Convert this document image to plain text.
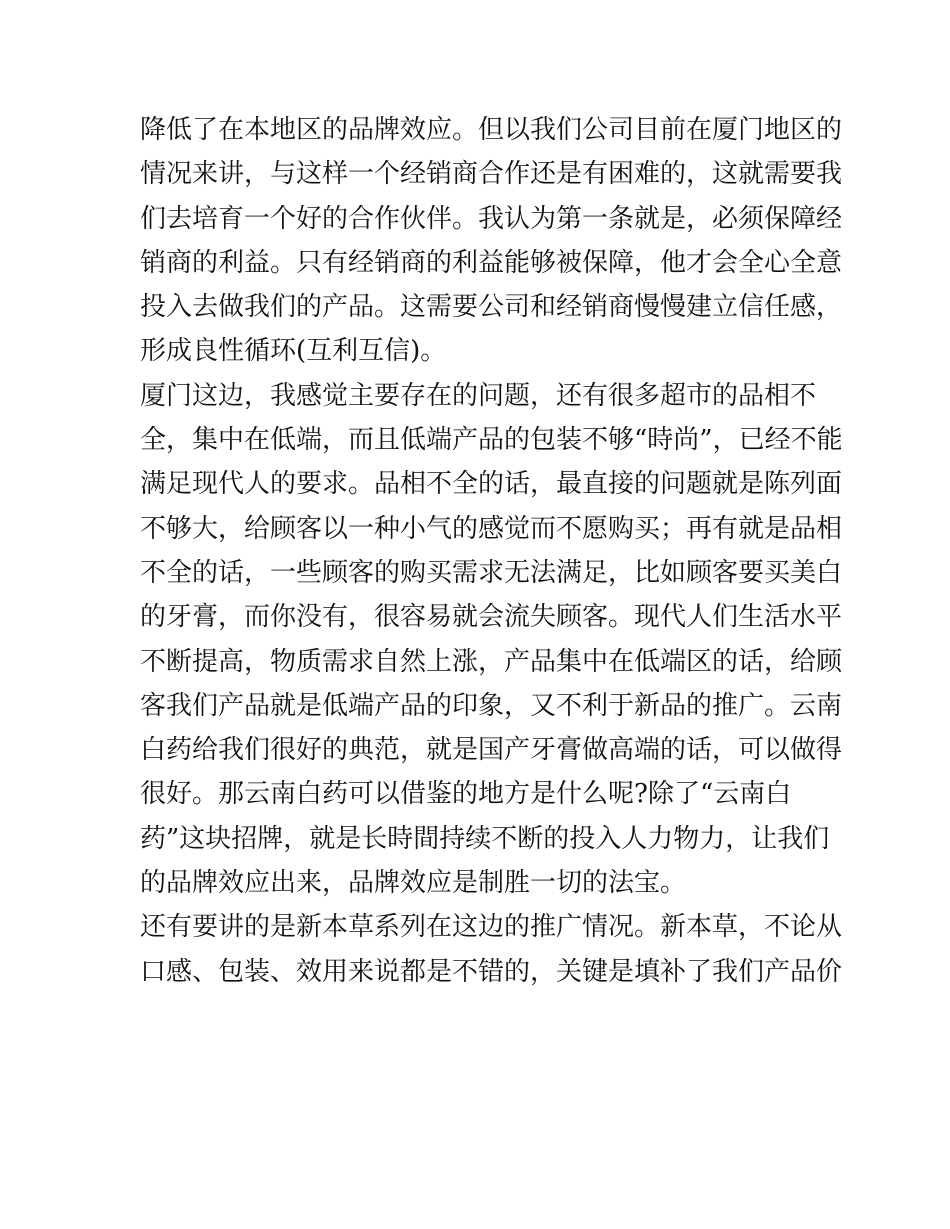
降低了在本地区的品牌效应。但以我们公司目前在厦门地区的
情况来讲，与这样一个经销商合作还是有困难的，这就需要我
们去培育一个好的合作伙伴。我认为第一条就是，必须保障经
销商的利益。只有经销商的利益能够被保障，他才会全心全意
投入去做我们的产品。这需要公司和经销商慢慢建立信任感，
形成良性循环(互利互信)。
厦门这边，我感觉主要存在的问题，还有很多超市的品相不
全，集中在低端，而且低端产品的包装不够“時尚”，已经不能
满足现代人的要求。品相不全的话，最直接的问题就是陈列面
不够大，给顾客以一种小气的感觉而不愿购买；再有就是品相
不全的话，一些顾客的购买需求无法满足，比如顾客要买美白
的牙膏，而你没有，很容易就会流失顾客。现代人们生活水平
不断提高，物质需求自然上涨，产品集中在低端区的话，给顾
客我们产品就是低端产品的印象，又不利于新品的推广。云南
白药给我们很好的典范，就是国产牙膏做高端的话，可以做得
很好。那云南白药可以借鉴的地方是什么呢?除了“云南白
药”这块招牌，就是长時間持续不断的投入人力物力，让我们
的品牌效应出来，品牌效应是制胜一切的法宝。
还有要讲的是新本草系列在这边的推广情况。新本草，不论从
口感、包装、效用来说都是不错的，关键是填补了我们产品价
